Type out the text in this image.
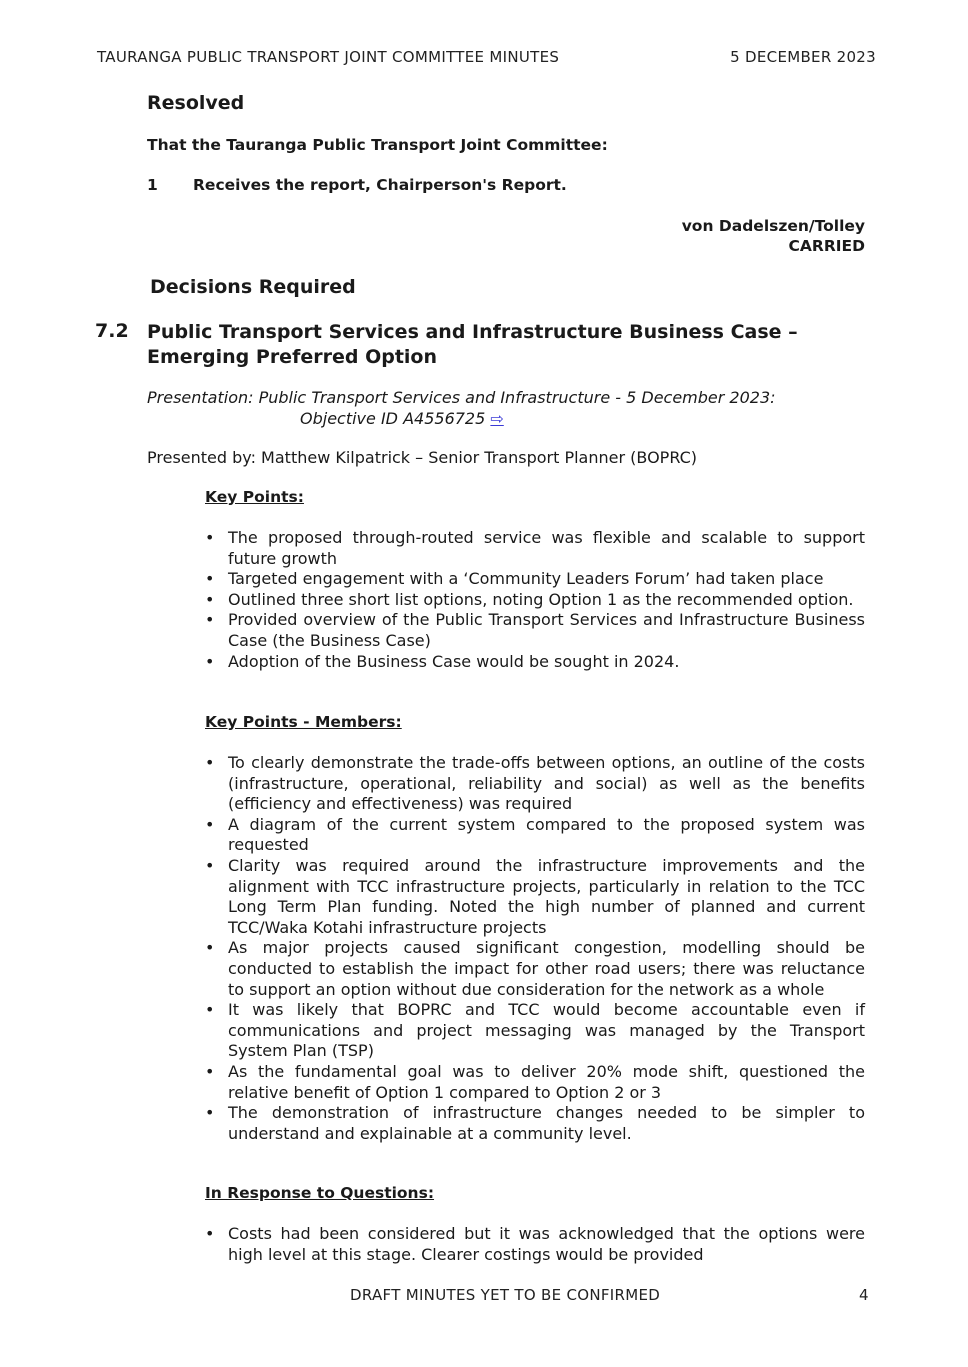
TAURANGA PUBLIC TRANSPORT JOINT COMMITTEE MINUTES	5 DECEMBER 2023
Resolved
That the Tauranga Public Transport Joint Committee:
1 Receives the report, Chairperson's Report.
von Dadelszen/Tolley
CARRIED
Decisions Required
7.2 Public Transport Services and Infrastructure Business Case – Emerging Preferred Option
Presentation: Public Transport Services and Infrastructure - 5 December 2023:
Objective ID A4556725 ⇨
Presented by: Matthew Kilpatrick – Senior Transport Planner (BOPRC)
Key Points:
• The proposed through-routed service was flexible and scalable to support future growth
• Targeted engagement with a ‘Community Leaders Forum’ had taken place
• Outlined three short list options, noting Option 1 as the recommended option.
• Provided overview of the Public Transport Services and Infrastructure Business Case (the Business Case)
• Adoption of the Business Case would be sought in 2024.
Key Points - Members:
• To clearly demonstrate the trade-offs between options, an outline of the costs (infrastructure, operational, reliability and social) as well as the benefits (efficiency and effectiveness) was required
• A diagram of the current system compared to the proposed system was requested
• Clarity was required around the infrastructure improvements and the alignment with TCC infrastructure projects, particularly in relation to the TCC Long Term Plan funding. Noted the high number of planned and current TCC/Waka Kotahi infrastructure projects
• As major projects caused significant congestion, modelling should be conducted to establish the impact for other road users; there was reluctance to support an option without due consideration for the network as a whole
• It was likely that BOPRC and TCC would become accountable even if communications and project messaging was managed by the Transport System Plan (TSP)
• As the fundamental goal was to deliver 20% mode shift, questioned the relative benefit of Option 1 compared to Option 2 or 3
• The demonstration of infrastructure changes needed to be simpler to understand and explainable at a community level.
In Response to Questions:
• Costs had been considered but it was acknowledged that the options were high level at this stage. Clearer costings would be provided
DRAFT MINUTES YET TO BE CONFIRMED	4
